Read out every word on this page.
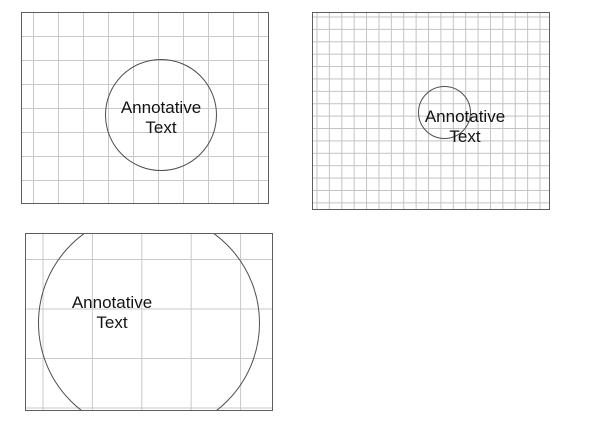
Annotative
Text
Annotative
Text
Annotative
Text
